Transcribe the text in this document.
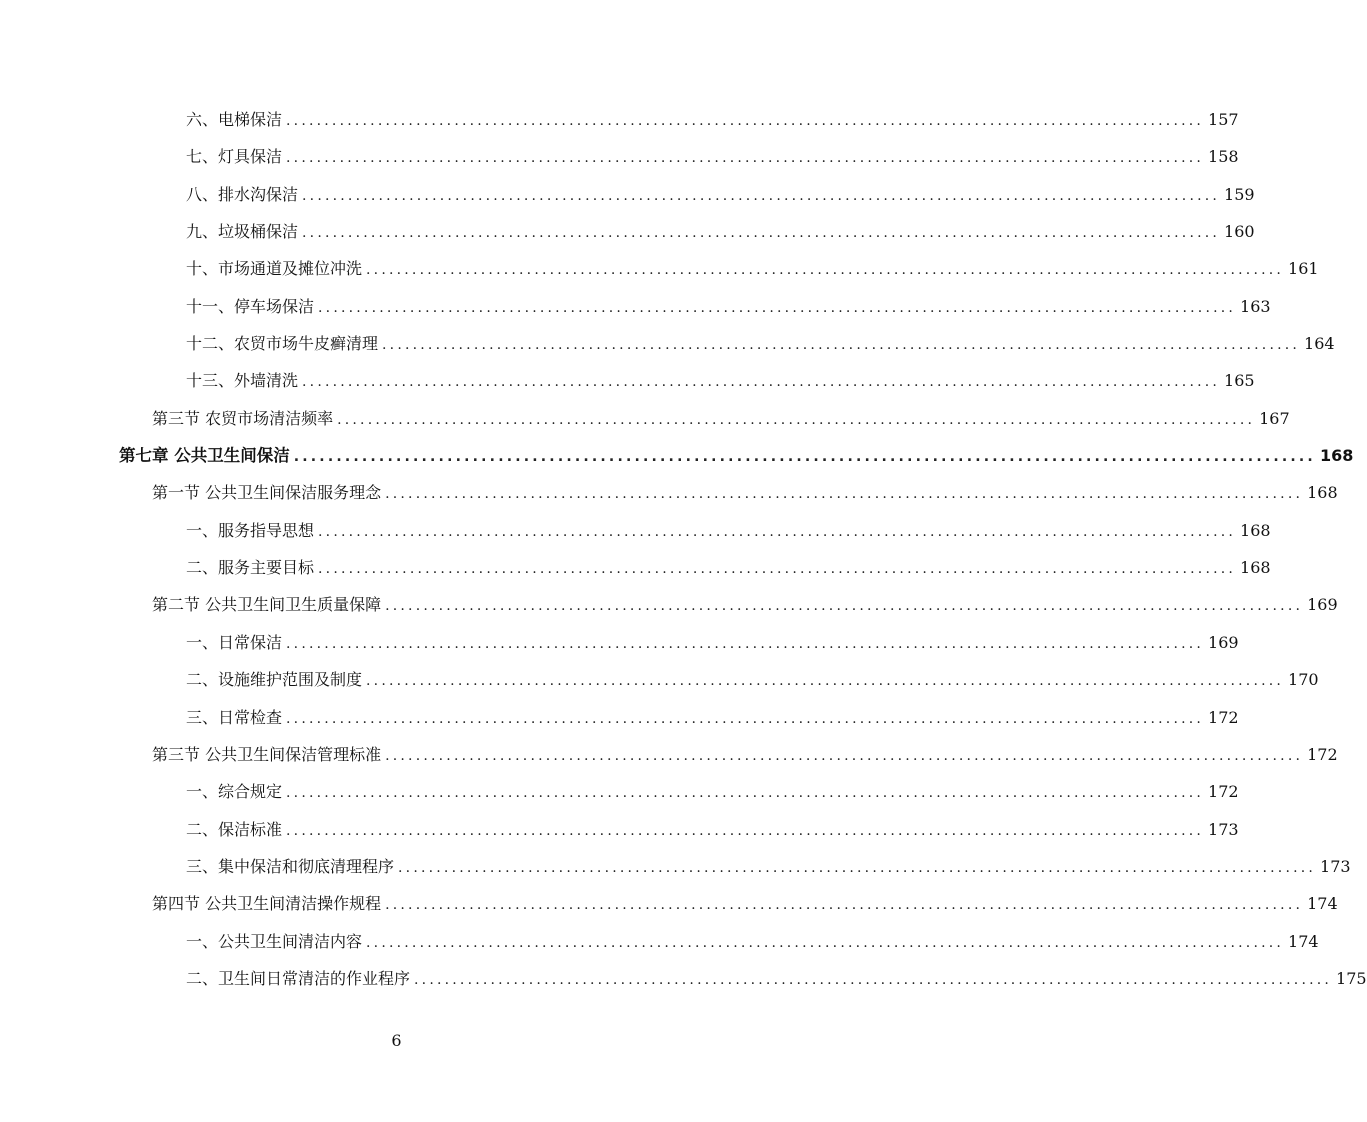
六、电梯保洁 ........................................................................................................................ 157
七、灯具保洁 ........................................................................................................................ 158
八、排水沟保洁 ........................................................................................................................ 159
九、垃圾桶保洁 ........................................................................................................................ 160
十、市场通道及摊位冲洗 ........................................................................................................................ 161
十一、停车场保洁 ........................................................................................................................ 163
十二、农贸市场牛皮癣清理 ........................................................................................................................ 164
十三、外墙清洗 ........................................................................................................................ 165
第三节 农贸市场清洁频率 ........................................................................................................................ 167
第七章 公共卫生间保洁 ........................................................................................................................ 168
第一节 公共卫生间保洁服务理念 ........................................................................................................................ 168
一、服务指导思想 ........................................................................................................................ 168
二、服务主要目标 ........................................................................................................................ 168
第二节 公共卫生间卫生质量保障 ........................................................................................................................ 169
一、日常保洁 ........................................................................................................................ 169
二、设施维护范围及制度 ........................................................................................................................ 170
三、日常检查 ........................................................................................................................ 172
第三节 公共卫生间保洁管理标准 ........................................................................................................................ 172
一、综合规定 ........................................................................................................................ 172
二、保洁标准 ........................................................................................................................ 173
三、集中保洁和彻底清理程序 ........................................................................................................................ 173
第四节 公共卫生间清洁操作规程 ........................................................................................................................ 174
一、公共卫生间清洁内容 ........................................................................................................................ 174
二、卫生间日常清洁的作业程序 ........................................................................................................................ 175
6
